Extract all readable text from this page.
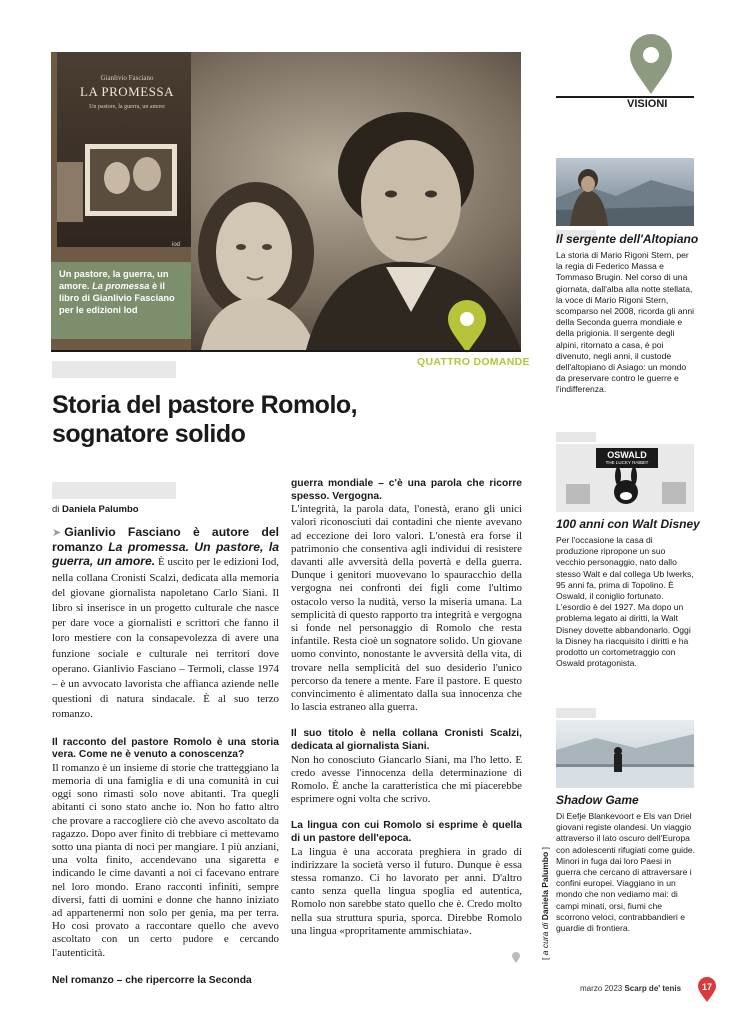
Gianlivio Fasciano
LA PROMESSA
Un pastore, la guerra, un amore
iod
Un pastore, la guerra, un amore. La promessa è il libro di Gianlivio Fasciano per le edizioni Iod
QUATTRO DOMANDE
VISIONI
Storia del pastore Romolo,
sognatore solido
di Daniela Palumbo

➤ Gianlivio Fasciano è autore del romanzo La promessa. Un pastore, la guerra, un amore. È uscito per le edizioni Iod, nella collana Cronisti Scalzi, dedicata alla memoria del giovane giornalista napoletano Carlo Siani. Il libro si inserisce in un progetto culturale che nasce per dare voce a giornalisti e scrittori che fanno il loro mestiere con la consapevolezza di avere una funzione sociale e culturale nei territori dove operano. Gianlivio Fasciano – Termoli, classe 1974 – è un avvocato lavorista che affianca aziende nelle questioni di natura sindacale. È al suo terzo romanzo.

Il racconto del pastore Romolo è una storia vera. Come ne è venuto a conoscenza?

Il romanzo è un insieme di storie che tratteggiano la memoria di una famiglia e di una comunità in cui oggi sono rimasti solo nove abitanti. Tra quegli abitanti ci sono stato anche io. Non ho fatto altro che provare a raccogliere ciò che avevo ascoltato da ragazzo. Dopo aver finito di trebbiare ci mettevamo sotto una pianta di noci per mangiare. I più anziani, una volta finito, accendevano una sigaretta e indicando le cime davanti a noi ci facevano entrare nel loro mondo. Erano racconti infiniti, sempre diversi, fatti di uomini e donne che hanno iniziato ad appartenermi non solo per genia, ma per terra. Ho così provato a raccontare quello che avevo ascoltato con un certo pudore e cercando l'autenticità.

Nel romanzo – che ripercorre la Seconda

guerra mondiale – c'è una parola che ricorre spesso. Vergogna.

L'integrità, la parola data, l'onestà, erano gli unici valori riconosciuti dai contadini che niente avevano ad eccezione dei loro valori. L'onestà era forse il patrimonio che consentiva agli individui di resistere davanti alle avversità della povertà e della guerra. Dunque i genitori muovevano lo spauracchio della vergogna nei confronti dei figli come l'ultimo ostacolo verso la nudità, verso la miseria umana. La semplicità di questo rapporto tra integrità e vergogna si fonde nel personaggio di Romolo che resta infantile. Resta cioè un sognatore solido. Un giovane uomo convinto, nonostante le avversità della vita, di trovare nella semplicità del suo desiderio l'unico percorso da tenere a mente. Fare il pastore. E questo convincimento è alimentato dalla sua innocenza che lo lascia estraneo alla guerra.

Il suo titolo è nella collana Cronisti Scalzi, dedicata al giornalista Siani.

Non ho conosciuto Giancarlo Siani, ma l'ho letto. E credo avesse l'innocenza della determinazione di Romolo. È anche la caratteristica che mi piacerebbe esprimere ogni volta che scrivo.

La lingua con cui Romolo si esprime è quella di un pastore dell'epoca.

La lingua è una accorata preghiera in grado di indirizzare la società verso il futuro. Dunque è essa stessa romanzo. Ci ho lavorato per anni. D'altro canto senza quella lingua spoglia ed autentica, Romolo non sarebbe stato quello che è. Credo molto nella sua struttura spuria, sporca. Direbbe Romolo una lingua «propritamente ammischiata».

Il sergente dell'Altopiano
La storia di Mario Rigoni Stern, per la regia di Federico Massa e Tommaso Brugin. Nel corso di una giornata, dall'alba alla notte stellata, la voce di Mario Rigoni Stern, scomparso nel 2008, ricorda gli anni della Seconda guerra mondiale e della prigionia. Il sergente degli alpini, ritornato a casa, è poi divenuto, negli anni, il custode dell'altopiano di Asiago: un mondo da preservare contro le guerre e l'indifferenza.
OSWALD
THE LUCKY RABBIT
100 anni con Walt Disney
Per l'occasione la casa di produzione ripropone un suo vecchio personaggio, nato dallo stesso Walt e dal collega Ub Iwerks, 95 anni fa, prima di Topolino. È Oswald, il coniglio fortunato. L'esordio è del 1927. Ma dopo un problema legato ai diritti, la Walt Disney dovette abbandonarlo. Oggi la Disney ha riacquisito i diritti e ha prodotto un cortometraggio con Oswald protagonista.
Shadow Game
Di Eefje Blankevoort e Els van Driel giovani registe olandesi. Un viaggio attraverso il lato oscuro dell'Europa con adolescenti rifugiati come guide. Minori in fuga dai loro Paesi in guerra che cercano di attraversare i confini europei. Viaggiano in un mondo che non vediamo mai: di campi minati, orsi, fiumi che scorrono veloci, contrabbandieri e guardie di frontiera.
[ a cura di Daniela Palumbo ]
marzo 2023 Scarp de' tenis	17
